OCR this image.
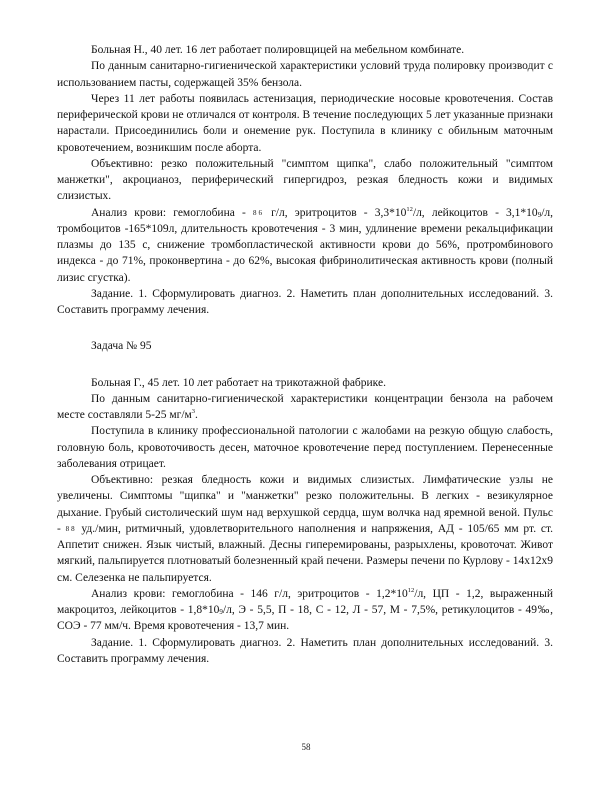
Больная Н., 40 лет. 16 лет работает полировщицей на мебельном комбинате.

По данным санитарно-гигиенической характеристики условий труда полировку производит с использованием пасты, содержащей 35% бензола.

Через 11 лет работы появилась астенизация, периодические носовые кровотечения. Состав периферической крови не отличался от контроля. В течение последующих 5 лет указанные признаки нарастали. Присоединились боли и онемение рук. Поступила в клинику с обильным маточным кровотечением, возникшим после аборта.

Объективно: резко положительный "симптом щипка", слабо положительный "симптом манжетки", акроцианоз, периферический гипергидроз, резкая бледность кожи и видимых слизистых.

Анализ крови: гемоглобина - 86 г/л, эритроцитов - $3,3*10^{12}/л$, лейкоцитов - $3,1*10_9/л$, тромбоцитов -165*109л, длительность кровотечения - 3 мин, удлинение времени рекальцификации плазмы до 135 с, снижение тромбопластической активности крови до 56%, протромбинового индекса - до 71%, проконвертина - до 62%, высокая фибринолитическая активность крови (полный лизис сгустка).

Задание. 1. Сформулировать диагноз. 2. Наметить план дополнительных исследований. 3. Составить программу лечения.

Задача № 95

Больная Г., 45 лет. 10 лет работает на трикотажной фабрике.

По данным санитарно-гигиенической характеристики концентрации бензола на рабочем месте составляли 5-25 $мг/м^3$.

Поступила в клинику профессиональной патологии с жалобами на резкую общую слабость, головную боль, кровоточивость десен, маточное кровотечение перед поступлением. Перенесенные заболевания отрицает.

Объективно: резкая бледность кожи и видимых слизистых. Лимфатические узлы не увеличены. Симптомы "щипка" и "манжетки" резко положительны. В легких - везикулярное дыхание. Грубый систолический шум над верхушкой сердца, шум волчка над яремной веной. Пульс - 88 уд./мин, ритмичный, удовлетворительного наполнения и напряжения, АД - 105/65 мм рт. ст. Аппетит снижен. Язык чистый, влажный. Десны гиперемированы, разрыхлены, кровоточат. Живот мягкий, пальпируется плотноватый болезненный край печени. Размеры печени по Курлову - 14х12х9 см. Селезенка не пальпируется.

Анализ крови: гемоглобина - 146 г/л, эритроцитов - $1,2*10^{12}/л$, ЦП - 1,2, выраженный макроцитоз, лейкоцитов - $1,8*10_9/л$, Э - 5,5, П - 18, С - 12, Л - 57, М - 7,5%, ретикулоцитов - 49‰, СОЭ - 77 мм/ч. Время кровотечения - 13,7 мин.

Задание. 1. Сформулировать диагноз. 2. Наметить план дополнительных исследований. 3. Составить программу лечения.

58
